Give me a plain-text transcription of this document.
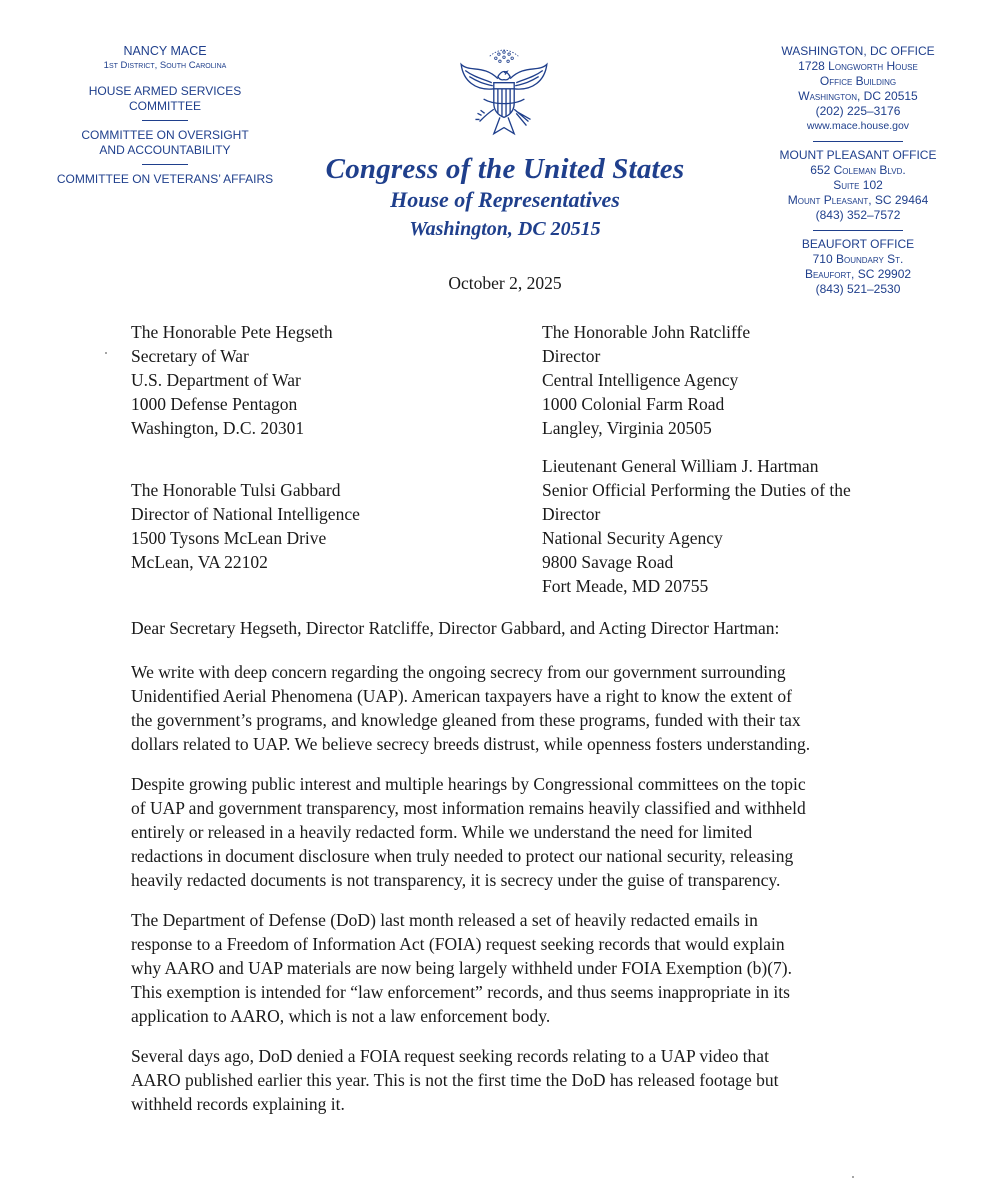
NANCY MACE
1st District, South Carolina
HOUSE ARMED SERVICES
COMMITTEE
COMMITTEE ON OVERSIGHT
AND ACCOUNTABILITY
COMMITTEE ON VETERANS’ AFFAIRS	Congress of the United States
House of Representatives
Washington, DC 20515
WASHINGTON, DC OFFICE
1728 Longworth House
Office Building
Washington, DC 20515
(202) 225–3176
www.mace.house.gov
MOUNT PLEASANT OFFICE
652 Coleman Blvd.
Suite 102
Mount Pleasant, SC 29464
(843) 352–7572
BEAUFORT OFFICE
710 Boundary St.
Beaufort, SC 29902
(843) 521–2530
October 2, 2025
The Honorable Pete Hegseth
Secretary of War
U.S. Department of War
1000 Defense Pentagon
Washington, D.C. 20301
The Honorable John Ratcliffe
Director
Central Intelligence Agency
1000 Colonial Farm Road
Langley, Virginia 20505
The Honorable Tulsi Gabbard
Director of National Intelligence
1500 Tysons McLean Drive
McLean, VA 22102
Lieutenant General William J. Hartman
Senior Official Performing the Duties of the
Director
National Security Agency
9800 Savage Road
Fort Meade, MD 20755

Dear Secretary Hegseth, Director Ratcliffe, Director Gabbard, and Acting Director Hartman:

We write with deep concern regarding the ongoing secrecy from our government surrounding
Unidentified Aerial Phenomena (UAP). American taxpayers have a right to know the extent of
the government’s programs, and knowledge gleaned from these programs, funded with their tax
dollars related to UAP. We believe secrecy breeds distrust, while openness fosters understanding.
Despite growing public interest and multiple hearings by Congressional committees on the topic
of UAP and government transparency, most information remains heavily classified and withheld
entirely or released in a heavily redacted form. While we understand the need for limited
redactions in document disclosure when truly needed to protect our national security, releasing
heavily redacted documents is not transparency, it is secrecy under the guise of transparency.
The Department of Defense (DoD) last month released a set of heavily redacted emails in
response to a Freedom of Information Act (FOIA) request seeking records that would explain
why AARO and UAP materials are now being largely withheld under FOIA Exemption (b)(7).
This exemption is intended for “law enforcement” records, and thus seems inappropriate in its
application to AARO, which is not a law enforcement body.
Several days ago, DoD denied a FOIA request seeking records relating to a UAP video that
AARO published earlier this year. This is not the first time the DoD has released footage but
withheld records explaining it.
